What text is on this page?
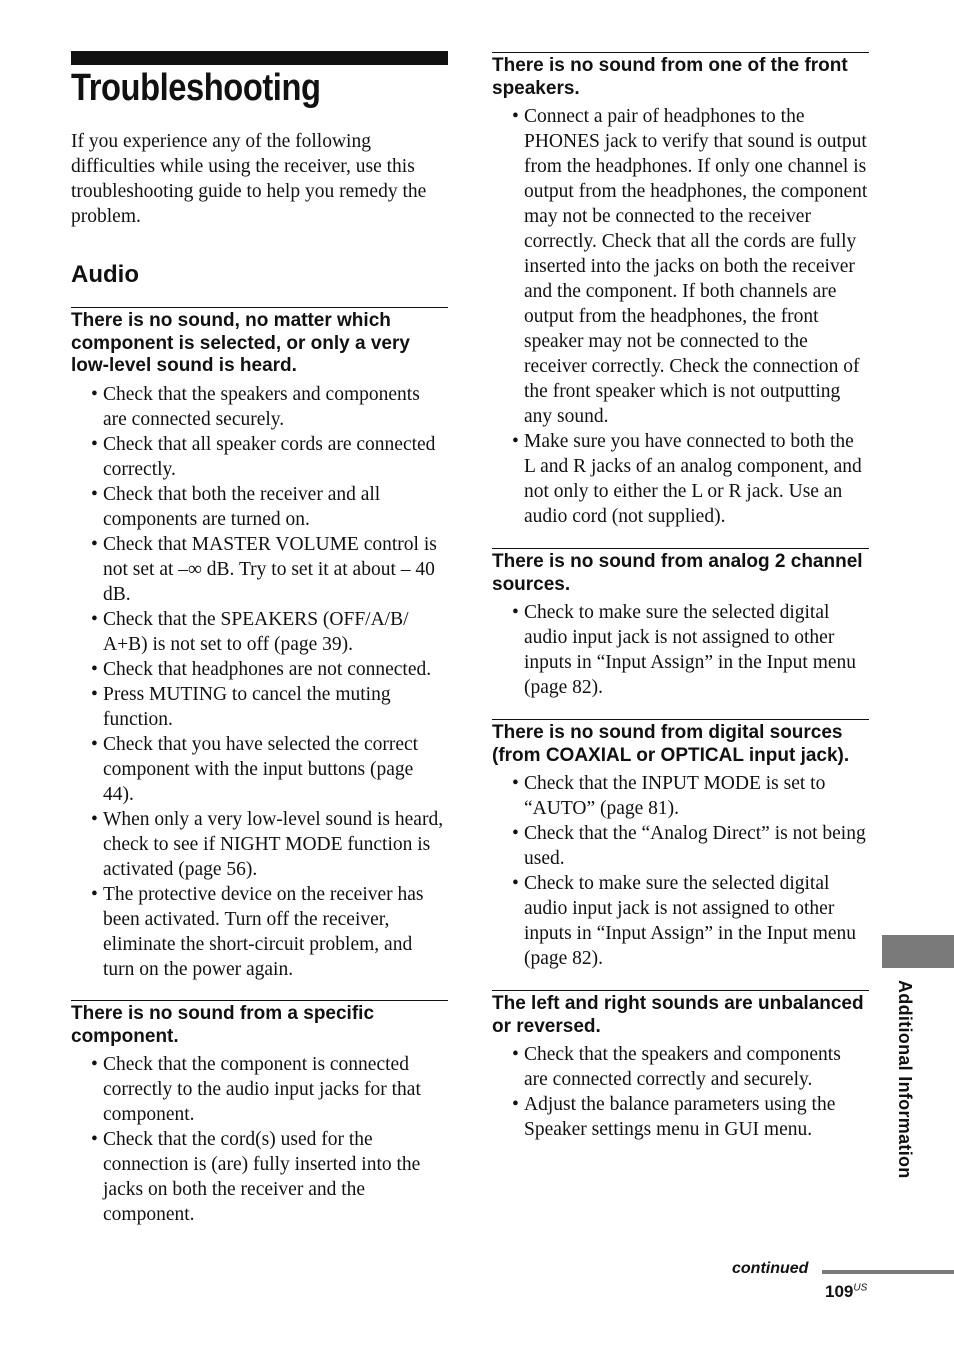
Troubleshooting

If you experience any of the following difficulties while using the receiver, use this troubleshooting guide to help you remedy the problem.

Audio
There is no sound, no matter which component is selected, or only a very low-level sound is heard.
• Check that the speakers and components are connected securely.
• Check that all speaker cords are connected correctly.
• Check that both the receiver and all components are turned on.
• Check that MASTER VOLUME control is not set at –∞ dB. Try to set it at about – 40 dB.
• Check that the SPEAKERS (OFF/A/B/ A+B) is not set to off (page 39).
• Check that headphones are not connected.
• Press MUTING to cancel the muting function.
• Check that you have selected the correct component with the input buttons (page 44).
• When only a very low-level sound is heard, check to see if NIGHT MODE function is activated (page 56).
• The protective device on the receiver has been activated. Turn off the receiver, eliminate the short-circuit problem, and turn on the power again.
There is no sound from a specific component.
• Check that the component is connected correctly to the audio input jacks for that component.
• Check that the cord(s) used for the connection is (are) fully inserted into the jacks on both the receiver and the component.
There is no sound from one of the front speakers.
• Connect a pair of headphones to the PHONES jack to verify that sound is output from the headphones. If only one channel is output from the headphones, the component may not be connected to the receiver correctly. Check that all the cords are fully inserted into the jacks on both the receiver and the component. If both channels are output from the headphones, the front speaker may not be connected to the receiver correctly. Check the connection of the front speaker which is not outputting any sound.
• Make sure you have connected to both the L and R jacks of an analog component, and not only to either the L or R jack. Use an audio cord (not supplied).
There is no sound from analog 2 channel sources.
• Check to make sure the selected digital audio input jack is not assigned to other inputs in “Input Assign” in the Input menu (page 82).
There is no sound from digital sources (from COAXIAL or OPTICAL input jack).
• Check that the INPUT MODE is set to “AUTO” (page 81).
• Check that the “Analog Direct” is not being used.
• Check to make sure the selected digital audio input jack is not assigned to other inputs in “Input Assign” in the Input menu (page 82).
The left and right sounds are unbalanced or reversed.
• Check that the speakers and components are connected correctly and securely.
• Adjust the balance parameters using the Speaker settings menu in GUI menu.	Additional Information
continued
$109^{US}$
